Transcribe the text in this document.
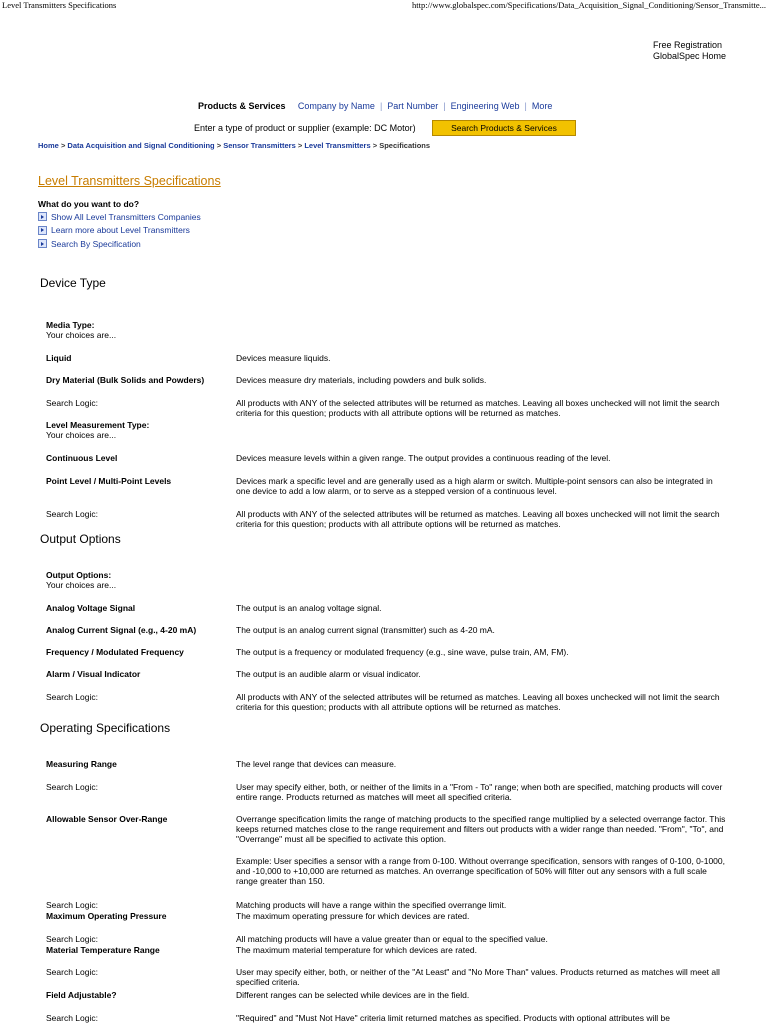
Level Transmitters Specifications	http://www.globalspec.com/Specifications/Data_Acquisition_Signal_Conditioning/Sensor_Transmitte...
Free Registration
GlobalSpec Home
Products & Services | Company by Name | Part Number | Engineering Web | More
Enter a type of product or supplier (example: DC Motor)	Search Products & Services
Home > Data Acquisition and Signal Conditioning > Sensor Transmitters > Level Transmitters > Specifications
Level Transmitters Specifications
What do you want to do?
Show All Level Transmitters Companies
Learn more about Level Transmitters
Search By Specification
Device Type
Media Type:
Your choices are...
Liquid	Devices measure liquids.
Dry Material (Bulk Solids and Powders)	Devices measure dry materials, including powders and bulk solids.
Search Logic:	All products with ANY of the selected attributes will be returned as matches. Leaving all boxes unchecked will not limit the search criteria for this question; products with all attribute options will be returned as matches.
Level Measurement Type:
Your choices are...
Continuous Level	Devices measure levels within a given range. The output provides a continuous reading of the level.
Point Level / Multi-Point Levels	Devices mark a specific level and are generally used as a high alarm or switch. Multiple-point sensors can also be integrated in one device to add a low alarm, or to serve as a stepped version of a continuous level.
Search Logic:	All products with ANY of the selected attributes will be returned as matches. Leaving all boxes unchecked will not limit the search criteria for this question; products with all attribute options will be returned as matches.
Output Options
Output Options:
Your choices are...
Analog Voltage Signal	The output is an analog voltage signal.
Analog Current Signal (e.g., 4-20 mA)	The output is an analog current signal (transmitter) such as 4-20 mA.
Frequency / Modulated Frequency	The output is a frequency or modulated frequency (e.g., sine wave, pulse train, AM, FM).
Alarm / Visual Indicator	The output is an audible alarm or visual indicator.
Search Logic:	All products with ANY of the selected attributes will be returned as matches. Leaving all boxes unchecked will not limit the search criteria for this question; products with all attribute options will be returned as matches.
Operating Specifications
Measuring Range	The level range that devices can measure.
Search Logic:	User may specify either, both, or neither of the limits in a "From - To" range; when both are specified, matching products will cover entire range. Products returned as matches will meet all specified criteria.
Allowable Sensor Over-Range	Overrange specification limits the range of matching products to the specified range multiplied by a selected overrange factor. This keeps returned matches close to the range requirement and filters out products with a wider range than needed. "From", "To", and "Overrange" must all be specified to activate this option.
Example: User specifies a sensor with a range from 0-100. Without overrange specification, sensors with ranges of 0-100, 0-1000, and -10,000 to +10,000 are returned as matches. An overrange specification of 50% will filter out any sensors with a full scale range greater than 150.
Search Logic:	Matching products will have a range within the specified overrange limit.
Maximum Operating Pressure	The maximum operating pressure for which devices are rated.
Search Logic:	All matching products will have a value greater than or equal to the specified value.
Material Temperature Range	The maximum material temperature for which devices are rated.
Search Logic:	User may specify either, both, or neither of the "At Least" and "No More Than" values. Products returned as matches will meet all specified criteria.
Field Adjustable?	Different ranges can be selected while devices are in the field.
Search Logic:	"Required" and "Must Not Have" criteria limit returned matches as specified. Products with optional attributes will be
